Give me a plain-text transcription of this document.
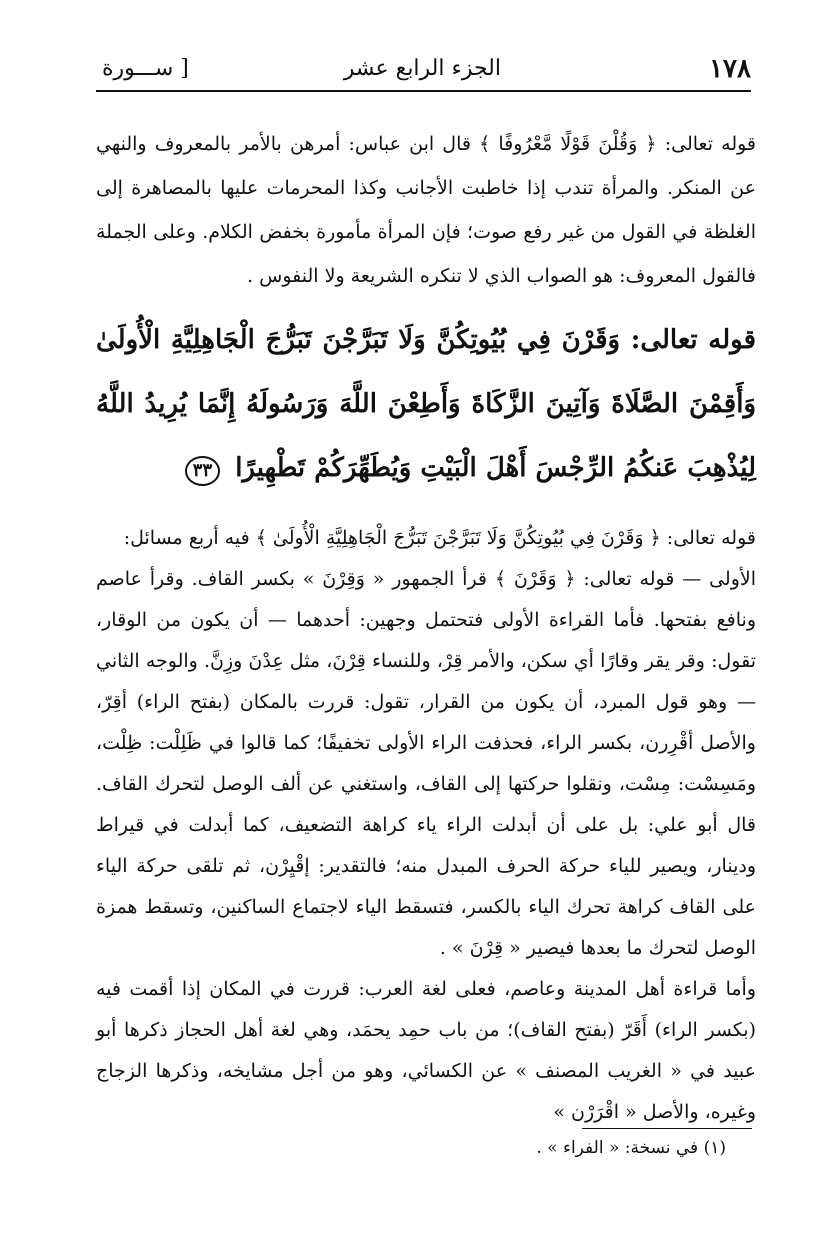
١٧٨
الجزء الرابع عشر
[ ســـورة

قوله تعالى: ﴿ وَقُلْنَ قَوْلًا مَّعْرُوفًا ﴾ قال ابن عباس: أمرهن بالأمر بالمعروف والنهي عن المنكر. والمرأة تندب إذا خاطبت الأجانب وكذا المحرمات عليها بالمصاهرة إلى الغلظة في القول من غير رفع صوت؛ فإن المرأة مأمورة بخفض الكلام. وعلى الجملة فالقول المعروف: هو الصواب الذي لا تنكره الشريعة ولا النفوس .

قوله تعالى: وَقَرْنَ فِي بُيُوتِكُنَّ وَلَا تَبَرَّجْنَ تَبَرُّجَ الْجَاهِلِيَّةِ الْأُولَىٰ وَأَقِمْنَ الصَّلَاةَ وَآتِينَ الزَّكَاةَ وَأَطِعْنَ اللَّهَ وَرَسُولَهُ إِنَّمَا يُرِيدُ اللَّهُ لِيُذْهِبَ عَنكُمُ الرِّجْسَ أَهْلَ الْبَيْتِ وَيُطَهِّرَكُمْ تَطْهِيرًا ٣٣

قوله تعالى: ﴿ وَقَرْنَ فِي بُيُوتِكُنَّ وَلَا تَبَرَّجْنَ تَبَرُّجَ الْجَاهِلِيَّةِ الْأُولَىٰ ﴾ فيه أربع مسائل:

الأولى — قوله تعالى: ﴿ وَقَرْنَ ﴾ قرأ الجمهور « وَقِرْنَ » بكسر القاف. وقرأ عاصم ونافع بفتحها. فأما القراءة الأولى فتحتمل وجهين: أحدهما — أن يكون من الوقار، تقول: وقر يقر وقارًا أي سكن، والأمر قِرْ، وللنساء قِرْنَ، مثل عِدْنَ وزِنَّ. والوجه الثاني — وهو قول المبرد، أن يكون من القرار، تقول: قررت بالمكان (بفتح الراء) أقِرّ، والأصل أقْرِرن، بكسر الراء، فحذفت الراء الأولى تخفيفًا؛ كما قالوا في ظَلِلْت: ظِلْت، ومَسِسْت: مِسْت، ونقلوا حركتها إلى القاف، واستغني عن ألف الوصل لتحرك القاف. قال أبو علي: بل على أن أبدلت الراء ياء كراهة التضعيف، كما أبدلت في قيراط ودينار، ويصير للياء حركة الحرف المبدل منه؛ فالتقدير: إقْيِرْن، ثم تلقى حركة الياء على القاف كراهة تحرك الياء بالكسر، فتسقط الياء لاجتماع الساكنين، وتسقط همزة الوصل لتحرك ما بعدها فيصير « قِرْنَ » .

وأما قراءة أهل المدينة وعاصم، فعلى لغة العرب: قررت في المكان إذا أقمت فيه (بكسر الراء) أَقَرّ (بفتح القاف)؛ من باب حمِد يحمَد، وهي لغة أهل الحجاز ذكرها أبو عبيد في « الغريب المصنف » عن الكسائي، وهو من أجل مشايخه، وذكرها الزجاج وغيره، والأصل « اقْرَرْن »

(١) في نسخة: « الفراء » .
